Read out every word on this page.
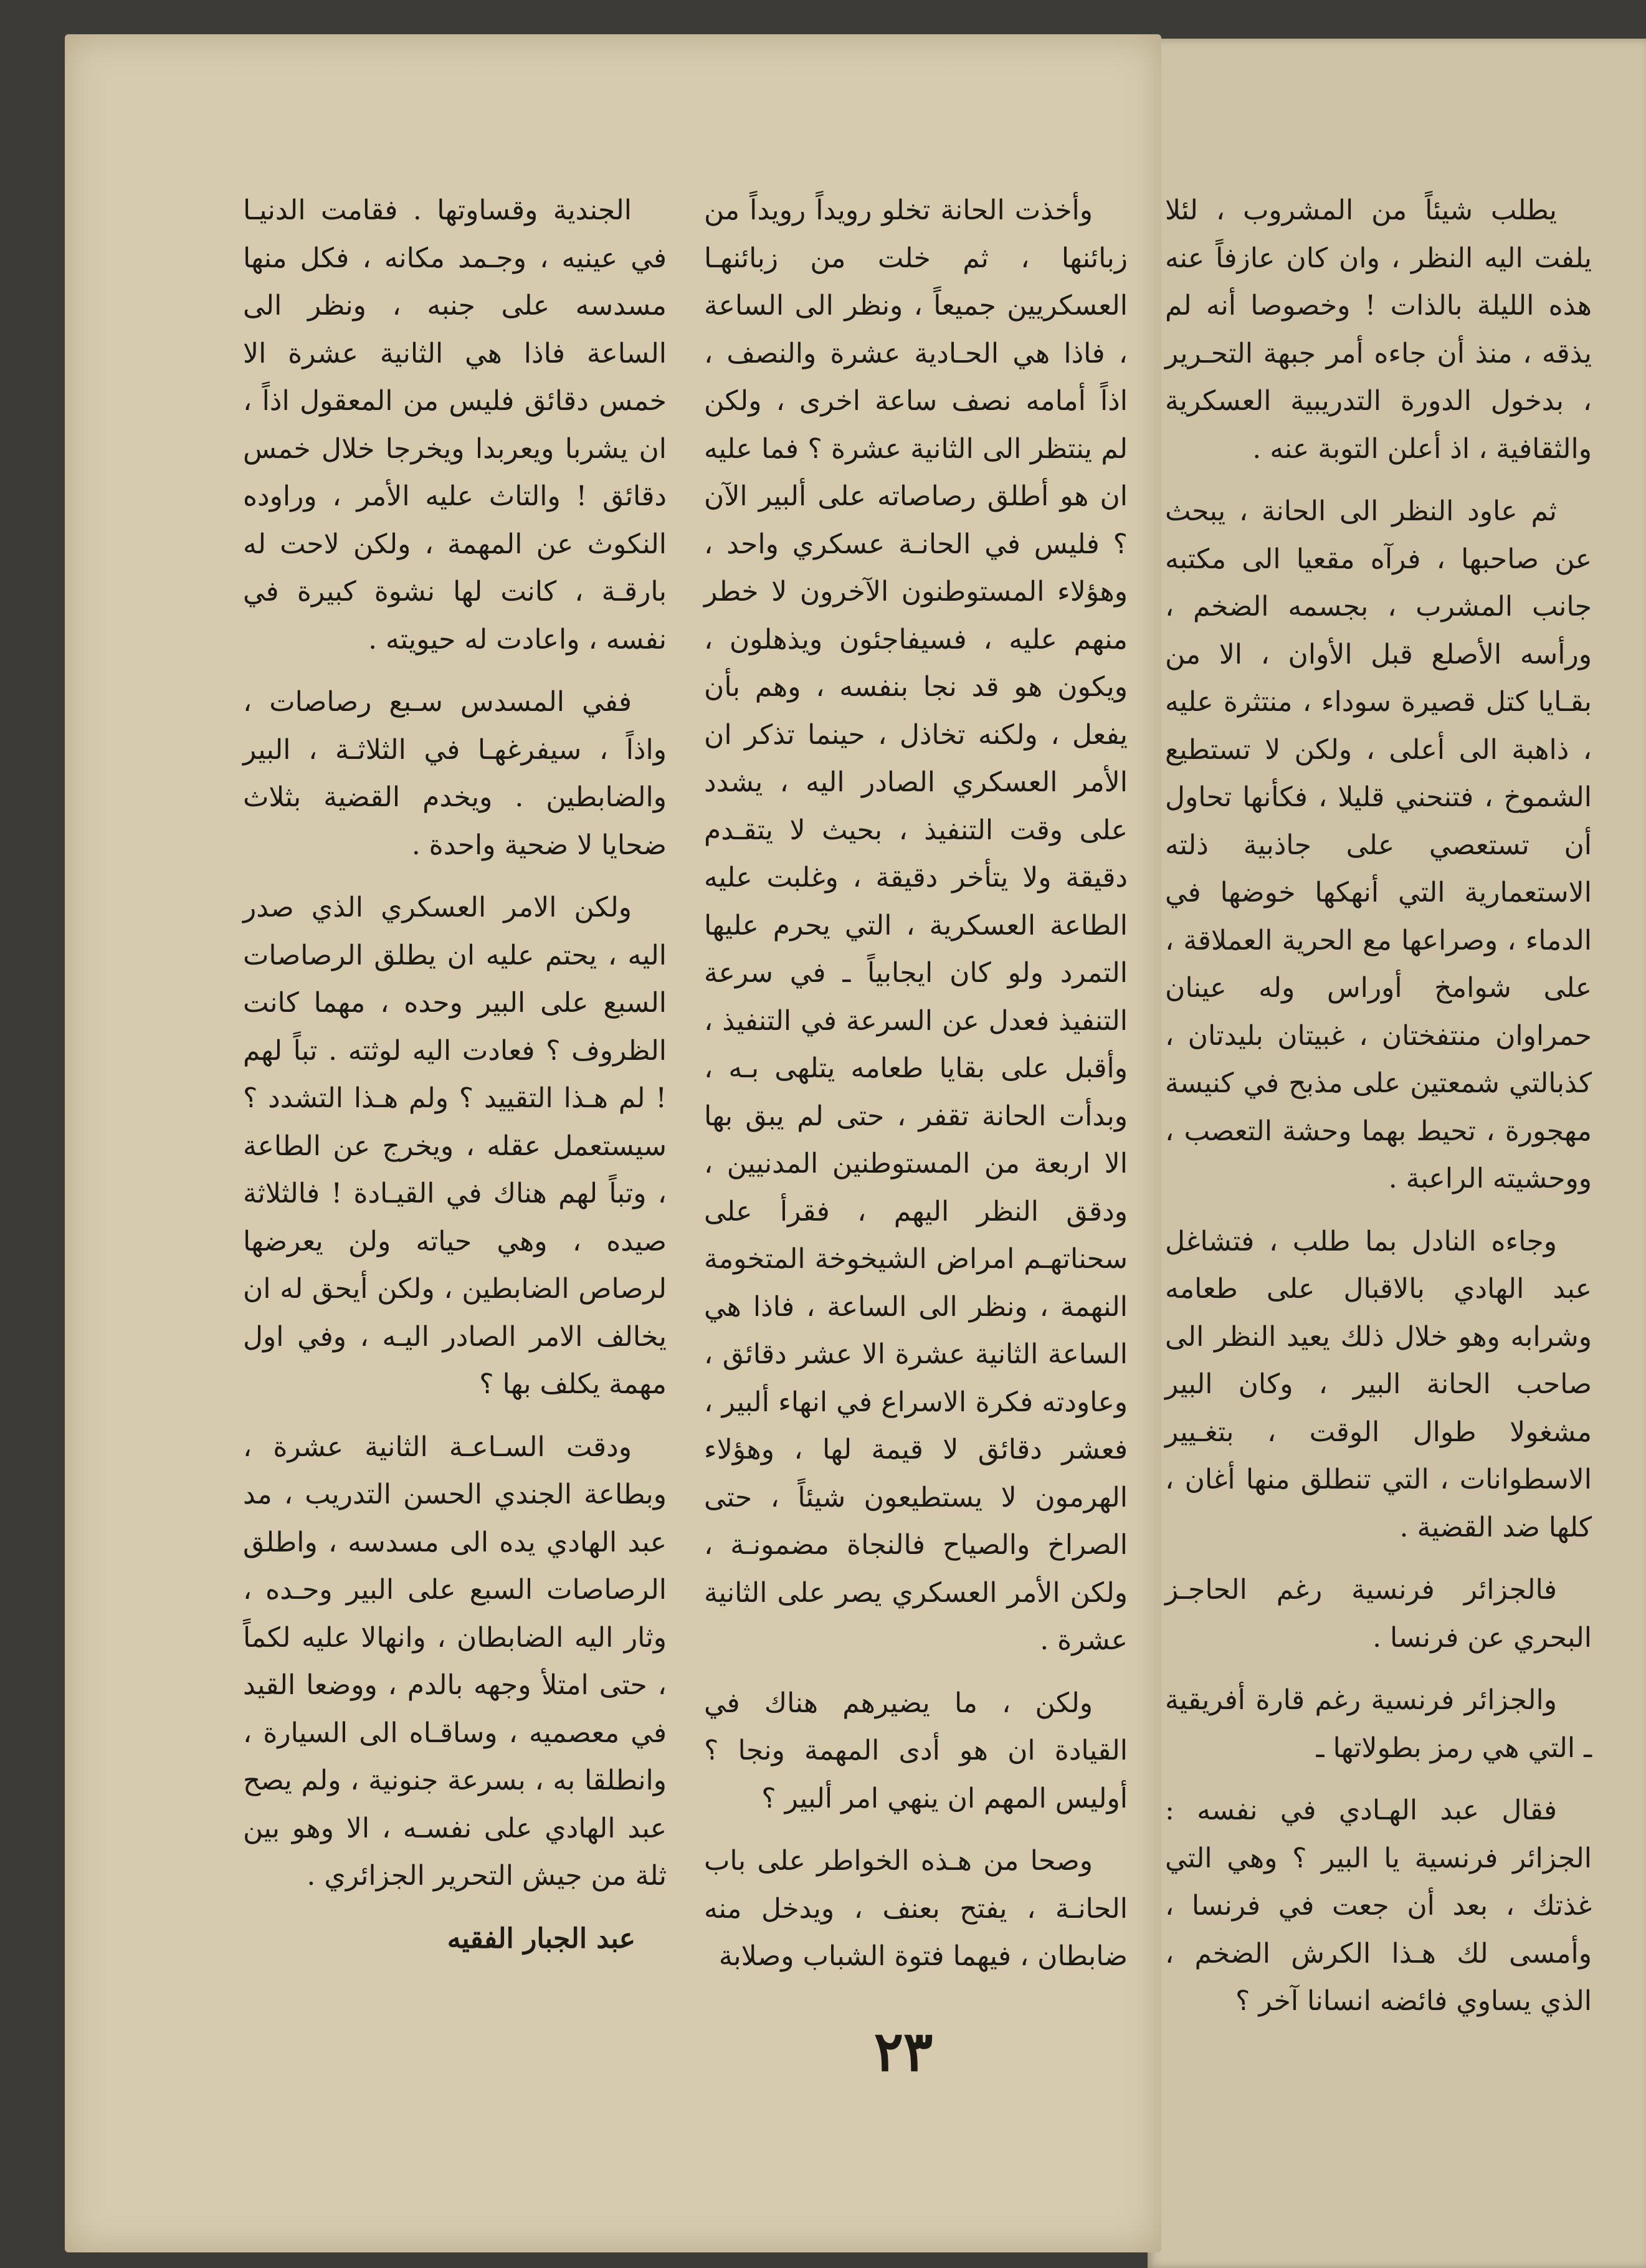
يطلب شيئاً من المشروب ، لئلا يلفت اليه النظر ، وان كان عازفاً عنه هذه الليلة بالذات ! وخصوصا أنه لم يذقه ، منذ أن جاءه أمر جبهة التحـرير ، بدخول الدورة التدريبية العسكرية والثقافية ، اذ أعلن التوبة عنه .

ثم عاود النظر الى الحانة ، يبحث عن صاحبها ، فرآه مقعيا الى مكتبه جانب المشرب ، بجسمه الضخم ، ورأسه الأصلع قبل الأوان ، الا من بقـايا كتل قصيرة سوداء ، منتثرة عليه ، ذاهبة الى أعلى ، ولكن لا تستطيع الشموخ ، فتنحني قليلا ، فكأنها تحاول أن تستعصي على جاذبية ذلته الاستعمارية التي أنهكها خوضها في الدماء ، وصراعها مع الحرية العملاقة ، على شوامخ أوراس وله عينان حمراوان منتفختان ، غبيتان بليدتان ، كذبالتي شمعتين على مذبح في كنيسة مهجورة ، تحيط بهما وحشة التعصب ، ووحشيته الراعبة .

وجاءه النادل بما طلب ، فتشاغل عبد الهادي بالاقبال على طعامه وشرابه وهو خلال ذلك يعيد النظر الى صاحب الحانة البير ، وكان البير مشغولا طوال الوقت ، بتغـيير الاسطوانات ، التي تنطلق منها أغان ، كلها ضد القضية .

فالجزائر فرنسية رغم الحاجـز البحري عن فرنسا .

والجزائر فرنسية رغم قارة أفريقية ـ التي هي رمز بطولاتها ـ

فقال عبد الهـادي في نفسه : الجزائر فرنسية يا البير ؟ وهي التي غذتك ، بعد أن جعت في فرنسا ، وأمسى لك هـذا الكرش الضخم ، الذي يساوي فائضه انسانا آخر ؟

وأخذت الحانة تخلو رويداً رويداً من زبائنها ، ثم خلت من زبائنهـا العسكريين جميعاً ، ونظر الى الساعة ، فاذا هي الحـادية عشرة والنصف ، اذاً أمامه نصف ساعة اخرى ، ولكن لم ينتظر الى الثانية عشرة ؟ فما عليه ان هو أطلق رصاصاته على ألبير الآن ؟ فليس في الحانـة عسكري واحد ، وهؤلاء المستوطنون الآخرون لا خطر منهم عليه ، فسيفاجئون ويذهلون ، ويكون هو قد نجا بنفسه ، وهم بأن يفعل ، ولكنه تخاذل ، حينما تذكر ان الأمر العسكري الصادر اليه ، يشدد على وقت التنفيذ ، بحيث لا يتقـدم دقيقة ولا يتأخر دقيقة ، وغلبت عليه الطاعة العسكرية ، التي يحرم عليها التمرد ولو كان ايجابياً ـ في سرعة التنفيذ فعدل عن السرعة في التنفيذ ، وأقبل على بقايا طعامه يتلهى بـه ، وبدأت الحانة تقفر ، حتى لم يبق بها الا اربعة من المستوطنين المدنيين ، ودقق النظر اليهم ، فقرأ على سحناتهـم امراض الشيخوخة المتخومة النهمة ، ونظر الى الساعة ، فاذا هي الساعة الثانية عشرة الا عشر دقائق ، وعاودته فكرة الاسراع في انهاء ألبير ، فعشر دقائق لا قيمة لها ، وهؤلاء الهرمون لا يستطيعون شيئاً ، حتى الصراخ والصياح فالنجاة مضمونـة ، ولكن الأمر العسكري يصر على الثانية عشرة .

ولكن ، ما يضيرهم هناك في القيادة ان هو أدى المهمة ونجا ؟ أوليس المهم ان ينهي امر ألبير ؟

وصحا من هـذه الخواطر على باب الحانـة ، يفتح بعنف ، ويدخل منه ضابطان ، فيهما فتوة الشباب وصلابة

الجندية وقساوتها . فقامت الدنيـا في عينيه ، وجـمد مكانه ، فكل منها مسدسه على جنبه ، ونظر الى الساعة فاذا هي الثانية عشرة الا خمس دقائق فليس من المعقول اذاً ، ان يشربا ويعربدا ويخرجا خلال خمس دقائق ! والتاث عليه الأمر ، وراوده النكوث عن المهمة ، ولكن لاحت له بارقـة ، كانت لها نشوة كبيرة في نفسه ، واعادت له حيويته .

ففي المسدس سـبع رصاصات ، واذاً ، سيفرغهـا في الثلاثـة ، البير والضابطين . ويخدم القضية بثلاث ضحايا لا ضحية واحدة .

ولكن الامر العسكري الذي صدر اليه ، يحتم عليه ان يطلق الرصاصات السبع على البير وحده ، مهما كانت الظروف ؟ فعادت اليه لوثته . تباً لهم ! لم هـذا التقييد ؟ ولم هـذا التشدد ؟ سيستعمل عقله ، ويخرج عن الطاعة ، وتباً لهم هناك في القيـادة ! فالثلاثة صيده ، وهي حياته ولن يعرضها لرصاص الضابطين ، ولكن أيحق له ان يخالف الامر الصادر اليـه ، وفي اول مهمة يكلف بها ؟

ودقت السـاعـة الثانية عشرة ، وبطاعة الجندي الحسن التدريب ، مد عبد الهادي يده الى مسدسه ، واطلق الرصاصات السبع على البير وحـده ، وثار اليه الضابطان ، وانهالا عليه لكماً ، حتى امتلأ وجهه بالدم ، ووضعا القيد في معصميه ، وساقـاه الى السيارة ، وانطلقا به ، بسرعة جنونية ، ولم يصح عبد الهادي على نفسـه ، الا وهو بين ثلة من جيش التحرير الجزائري .

عبد الجبار الفقيه

٢٣
